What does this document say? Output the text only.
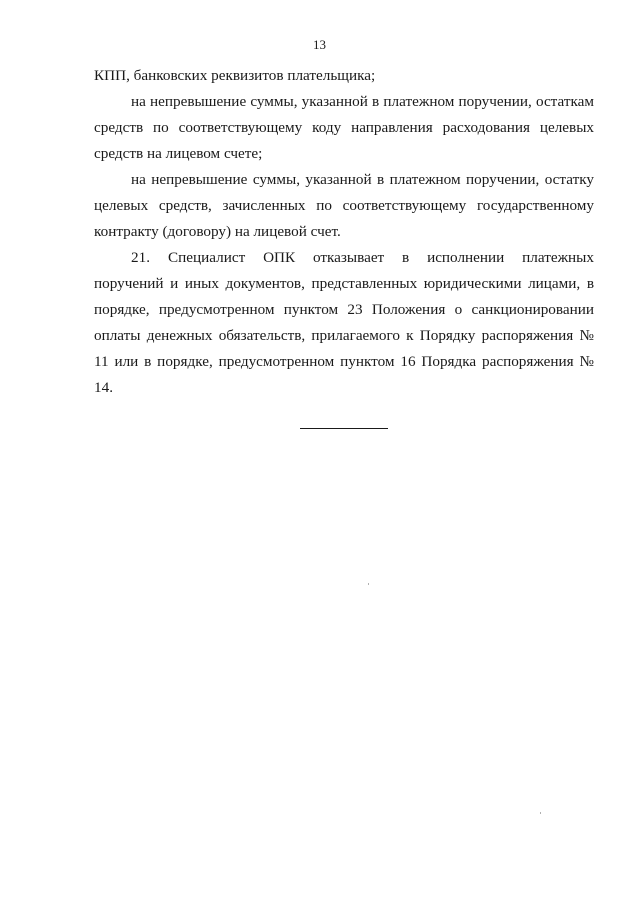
13

КПП, банковских реквизитов плательщика;

на непревышение суммы, указанной в платежном поручении, остаткам средств по соответствующему коду направления расходования целевых средств на лицевом счете;

на непревышение суммы, указанной в платежном поручении, остатку целевых средств, зачисленных по соответствующему государственному контракту (договору) на лицевой счет.

21. Специалист ОПК отказывает в исполнении платежных поручений и иных документов, представленных юридическими лицами, в порядке, предусмотренном пунктом 23 Положения о санкционировании оплаты денежных обязательств, прилагаемого к Порядку распоряжения № 11 или в порядке, предусмотренном пунктом 16 Порядка распоряжения № 14.
